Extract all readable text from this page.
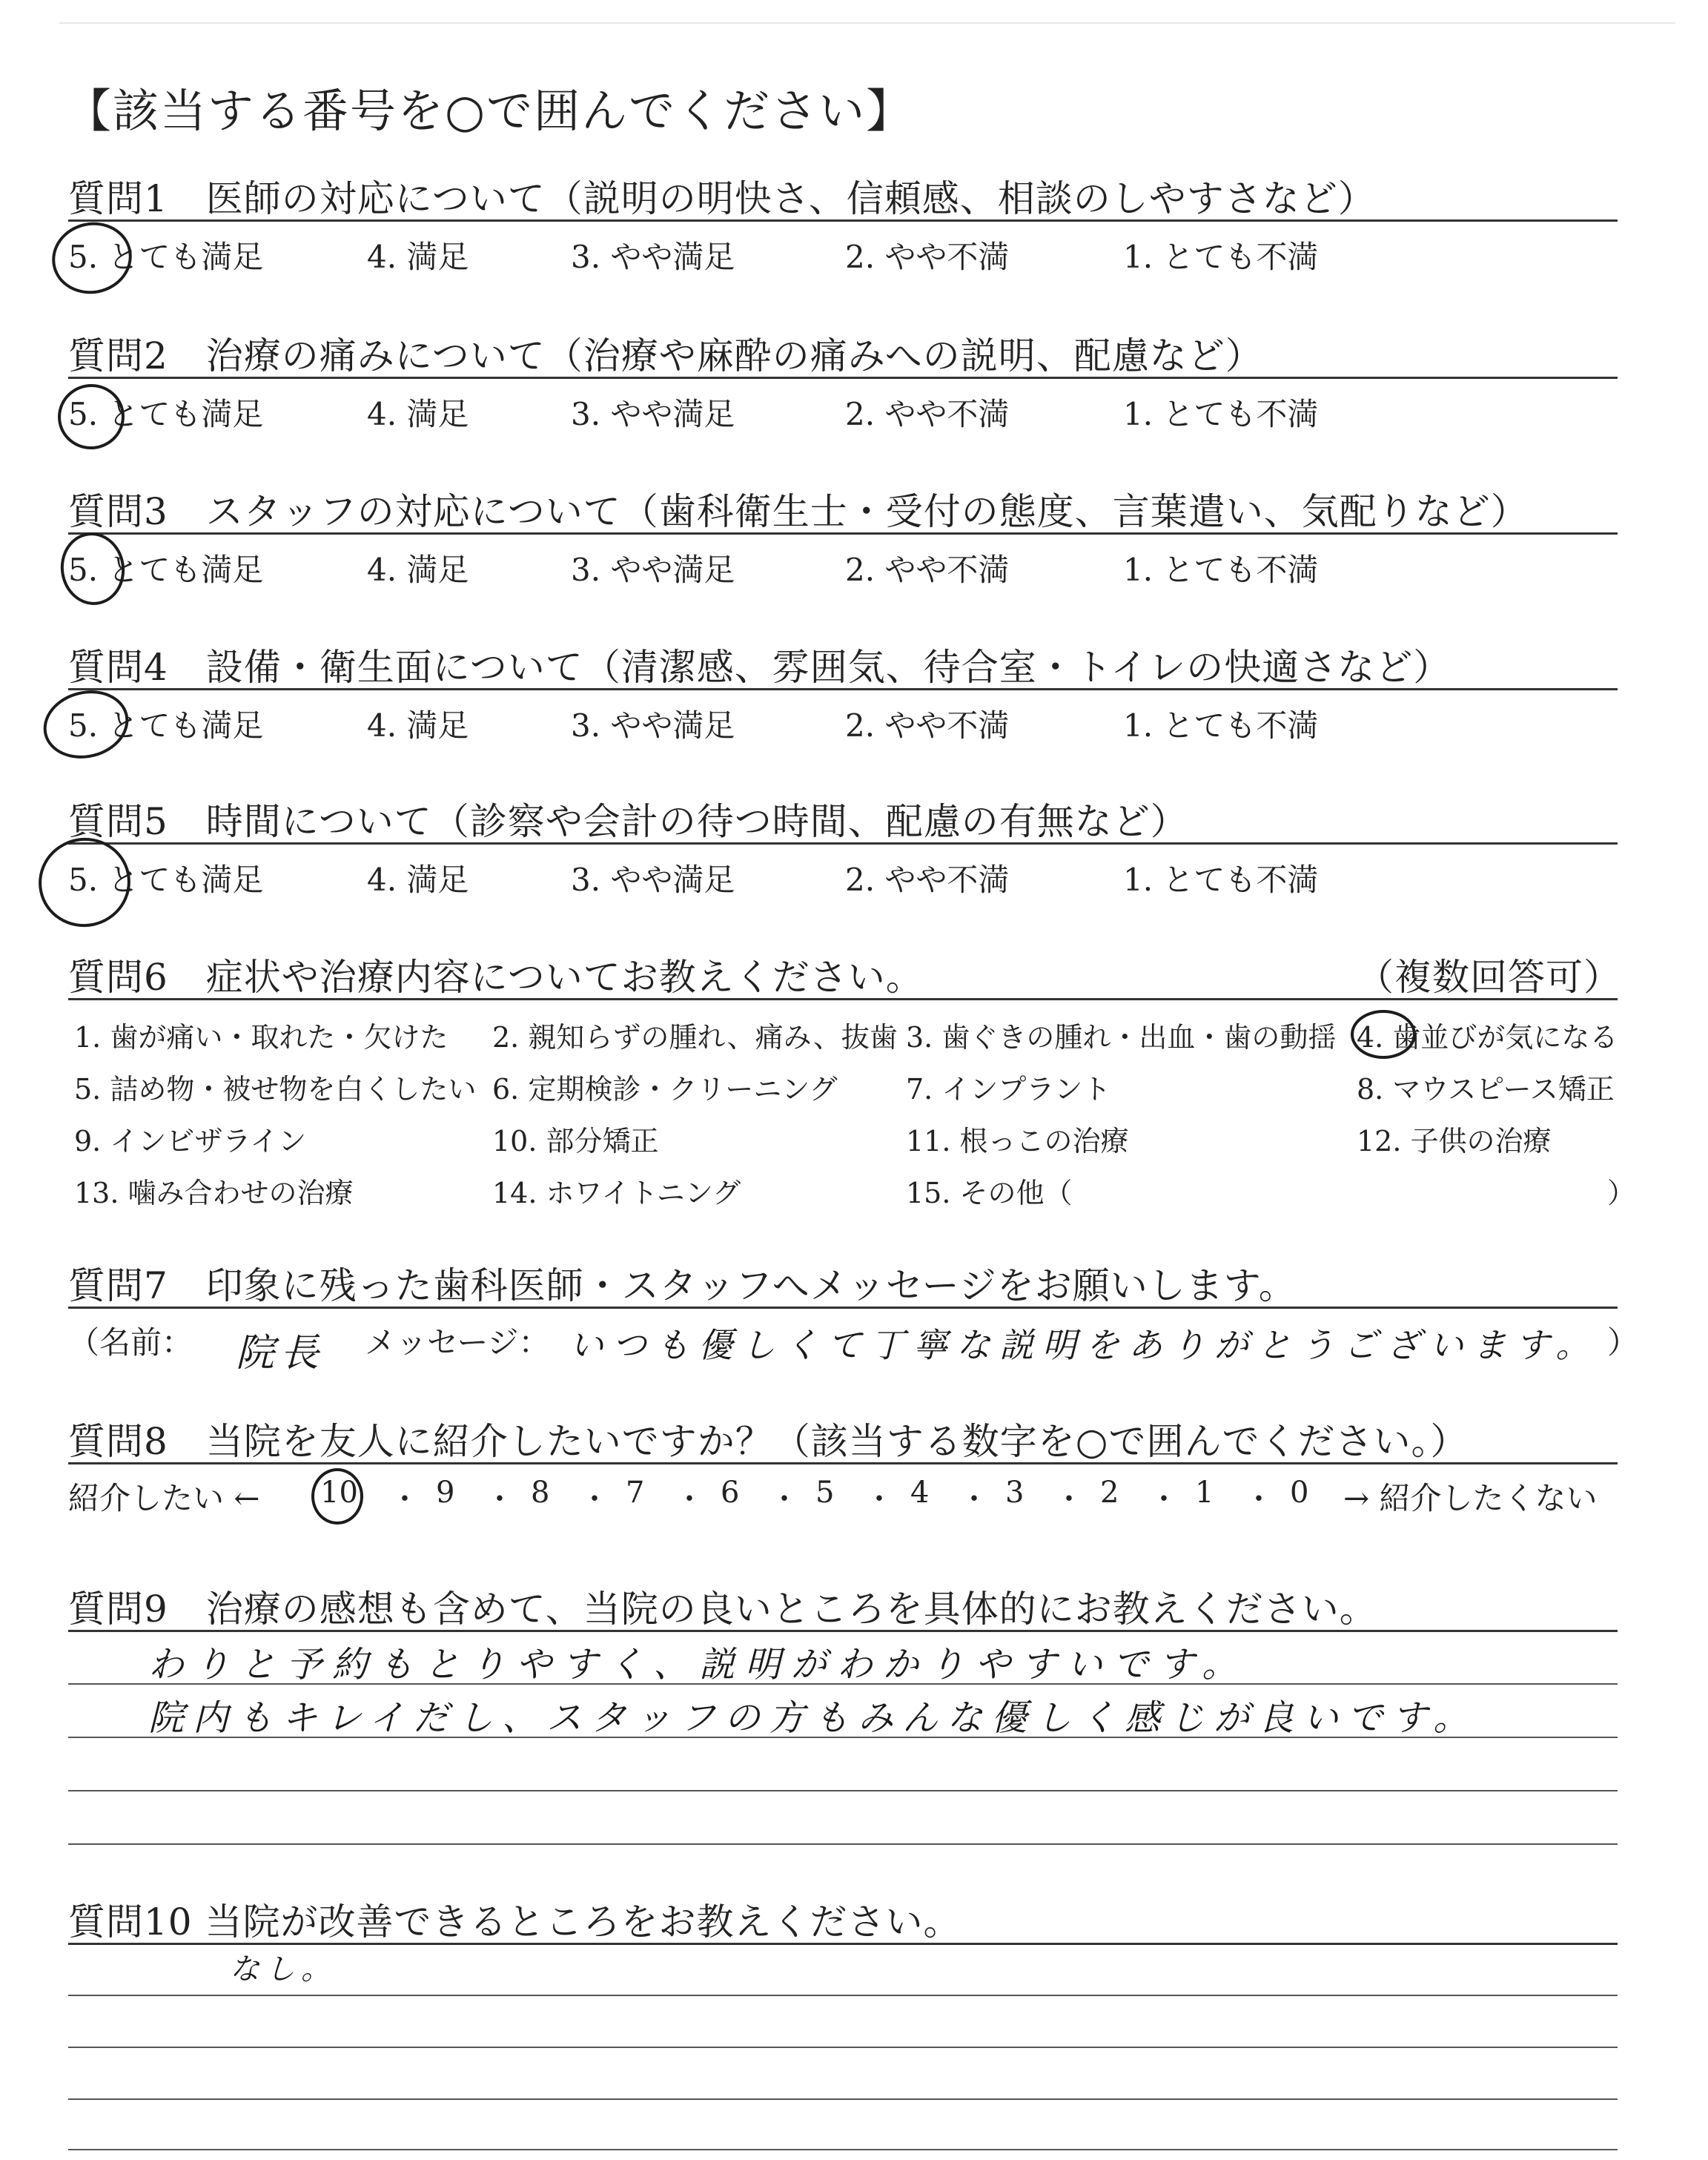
【該当する番号を○で囲んでください】
質問1　医師の対応について（説明の明快さ、信頼感、相談のしやすさなど）
5. とても満足	4. 満足	3. やや満足	2. やや不満	1. とても不満
質問2　治療の痛みについて（治療や麻酔の痛みへの説明、配慮など）
5. とても満足	4. 満足	3. やや満足	2. やや不満	1. とても不満
質問3　スタッフの対応について（歯科衛生士・受付の態度、言葉遣い、気配りなど）
5. とても満足	4. 満足	3. やや満足	2. やや不満	1. とても不満
質問4　設備・衛生面について（清潔感、雰囲気、待合室・トイレの快適さなど）
5. とても満足	4. 満足	3. やや満足	2. やや不満	1. とても不満
質問5　時間について（診察や会計の待つ時間、配慮の有無など）
5. とても満足	4. 満足	3. やや満足	2. やや不満	1. とても不満
質問6　症状や治療内容についてお教えください。	（複数回答可）
1. 歯が痛い・取れた・欠けた 2. 親知らずの腫れ、痛み、抜歯 3. 歯ぐきの腫れ・出血・歯の動揺 4. 歯並びが気になる
5. 詰め物・被せ物を白くしたい 6. 定期検診・クリーニング 7. インプラント	8. マウスピース矯正
9. インビザライン	10. 部分矯正	11. 根っこの治療	12. 子供の治療
13. 噛み合わせの治療	14. ホワイトニング	15. その他（	）
質問7　印象に残った歯科医師・スタッフへメッセージをお願いします。
（名前： 院長 メッセージ： いつも優しくて丁寧な説明をありがとうございます。 ）
質問8　当院を友人に紹介したいですか？（該当する数字を○で囲んでください。）
紹介したい ← 10 ・ 9 ・ 8 ・ 7 ・ 6 ・ 5 ・ 4 ・ 3 ・ 2 ・ 1 ・ 0 → 紹介したくない
質問9　治療の感想も含めて、当院の良いところを具体的にお教えください。
わりと予約もとりやすく、説明がわかりやすいです。
院内もキレイだし、スタッフの方もみんな優しく感じが良いです。
質問10 当院が改善できるところをお教えください。
なし。
